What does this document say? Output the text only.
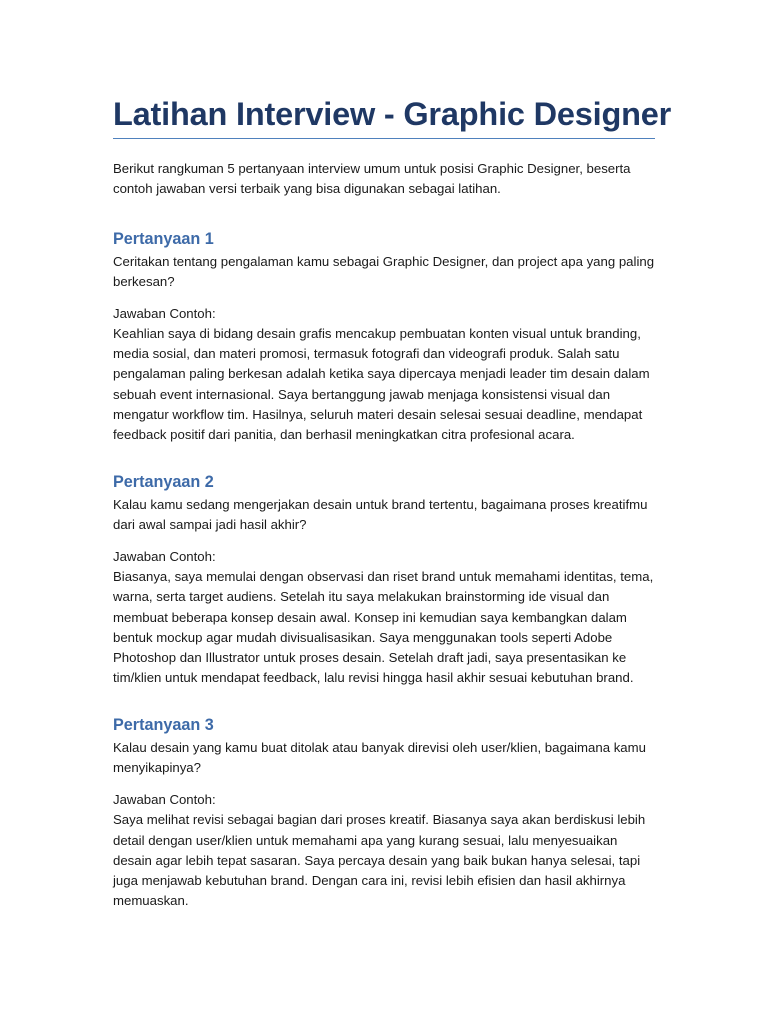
Latihan Interview - Graphic Designer

Berikut rangkuman 5 pertanyaan interview umum untuk posisi Graphic Designer, beserta contoh jawaban versi terbaik yang bisa digunakan sebagai latihan.

Pertanyaan 1

Ceritakan tentang pengalaman kamu sebagai Graphic Designer, dan project apa yang paling berkesan?

Jawaban Contoh:

Keahlian saya di bidang desain grafis mencakup pembuatan konten visual untuk branding, media sosial, dan materi promosi, termasuk fotografi dan videografi produk. Salah satu pengalaman paling berkesan adalah ketika saya dipercaya menjadi leader tim desain dalam sebuah event internasional. Saya bertanggung jawab menjaga konsistensi visual dan mengatur workflow tim. Hasilnya, seluruh materi desain selesai sesuai deadline, mendapat feedback positif dari panitia, dan berhasil meningkatkan citra profesional acara.

Pertanyaan 2

Kalau kamu sedang mengerjakan desain untuk brand tertentu, bagaimana proses kreatifmu dari awal sampai jadi hasil akhir?

Jawaban Contoh:

Biasanya, saya memulai dengan observasi dan riset brand untuk memahami identitas, tema, warna, serta target audiens. Setelah itu saya melakukan brainstorming ide visual dan membuat beberapa konsep desain awal. Konsep ini kemudian saya kembangkan dalam bentuk mockup agar mudah divisualisasikan. Saya menggunakan tools seperti Adobe Photoshop dan Illustrator untuk proses desain. Setelah draft jadi, saya presentasikan ke tim/klien untuk mendapat feedback, lalu revisi hingga hasil akhir sesuai kebutuhan brand.

Pertanyaan 3

Kalau desain yang kamu buat ditolak atau banyak direvisi oleh user/klien, bagaimana kamu menyikapinya?

Jawaban Contoh:

Saya melihat revisi sebagai bagian dari proses kreatif. Biasanya saya akan berdiskusi lebih detail dengan user/klien untuk memahami apa yang kurang sesuai, lalu menyesuaikan desain agar lebih tepat sasaran. Saya percaya desain yang baik bukan hanya selesai, tapi juga menjawab kebutuhan brand. Dengan cara ini, revisi lebih efisien dan hasil akhirnya memuaskan.
